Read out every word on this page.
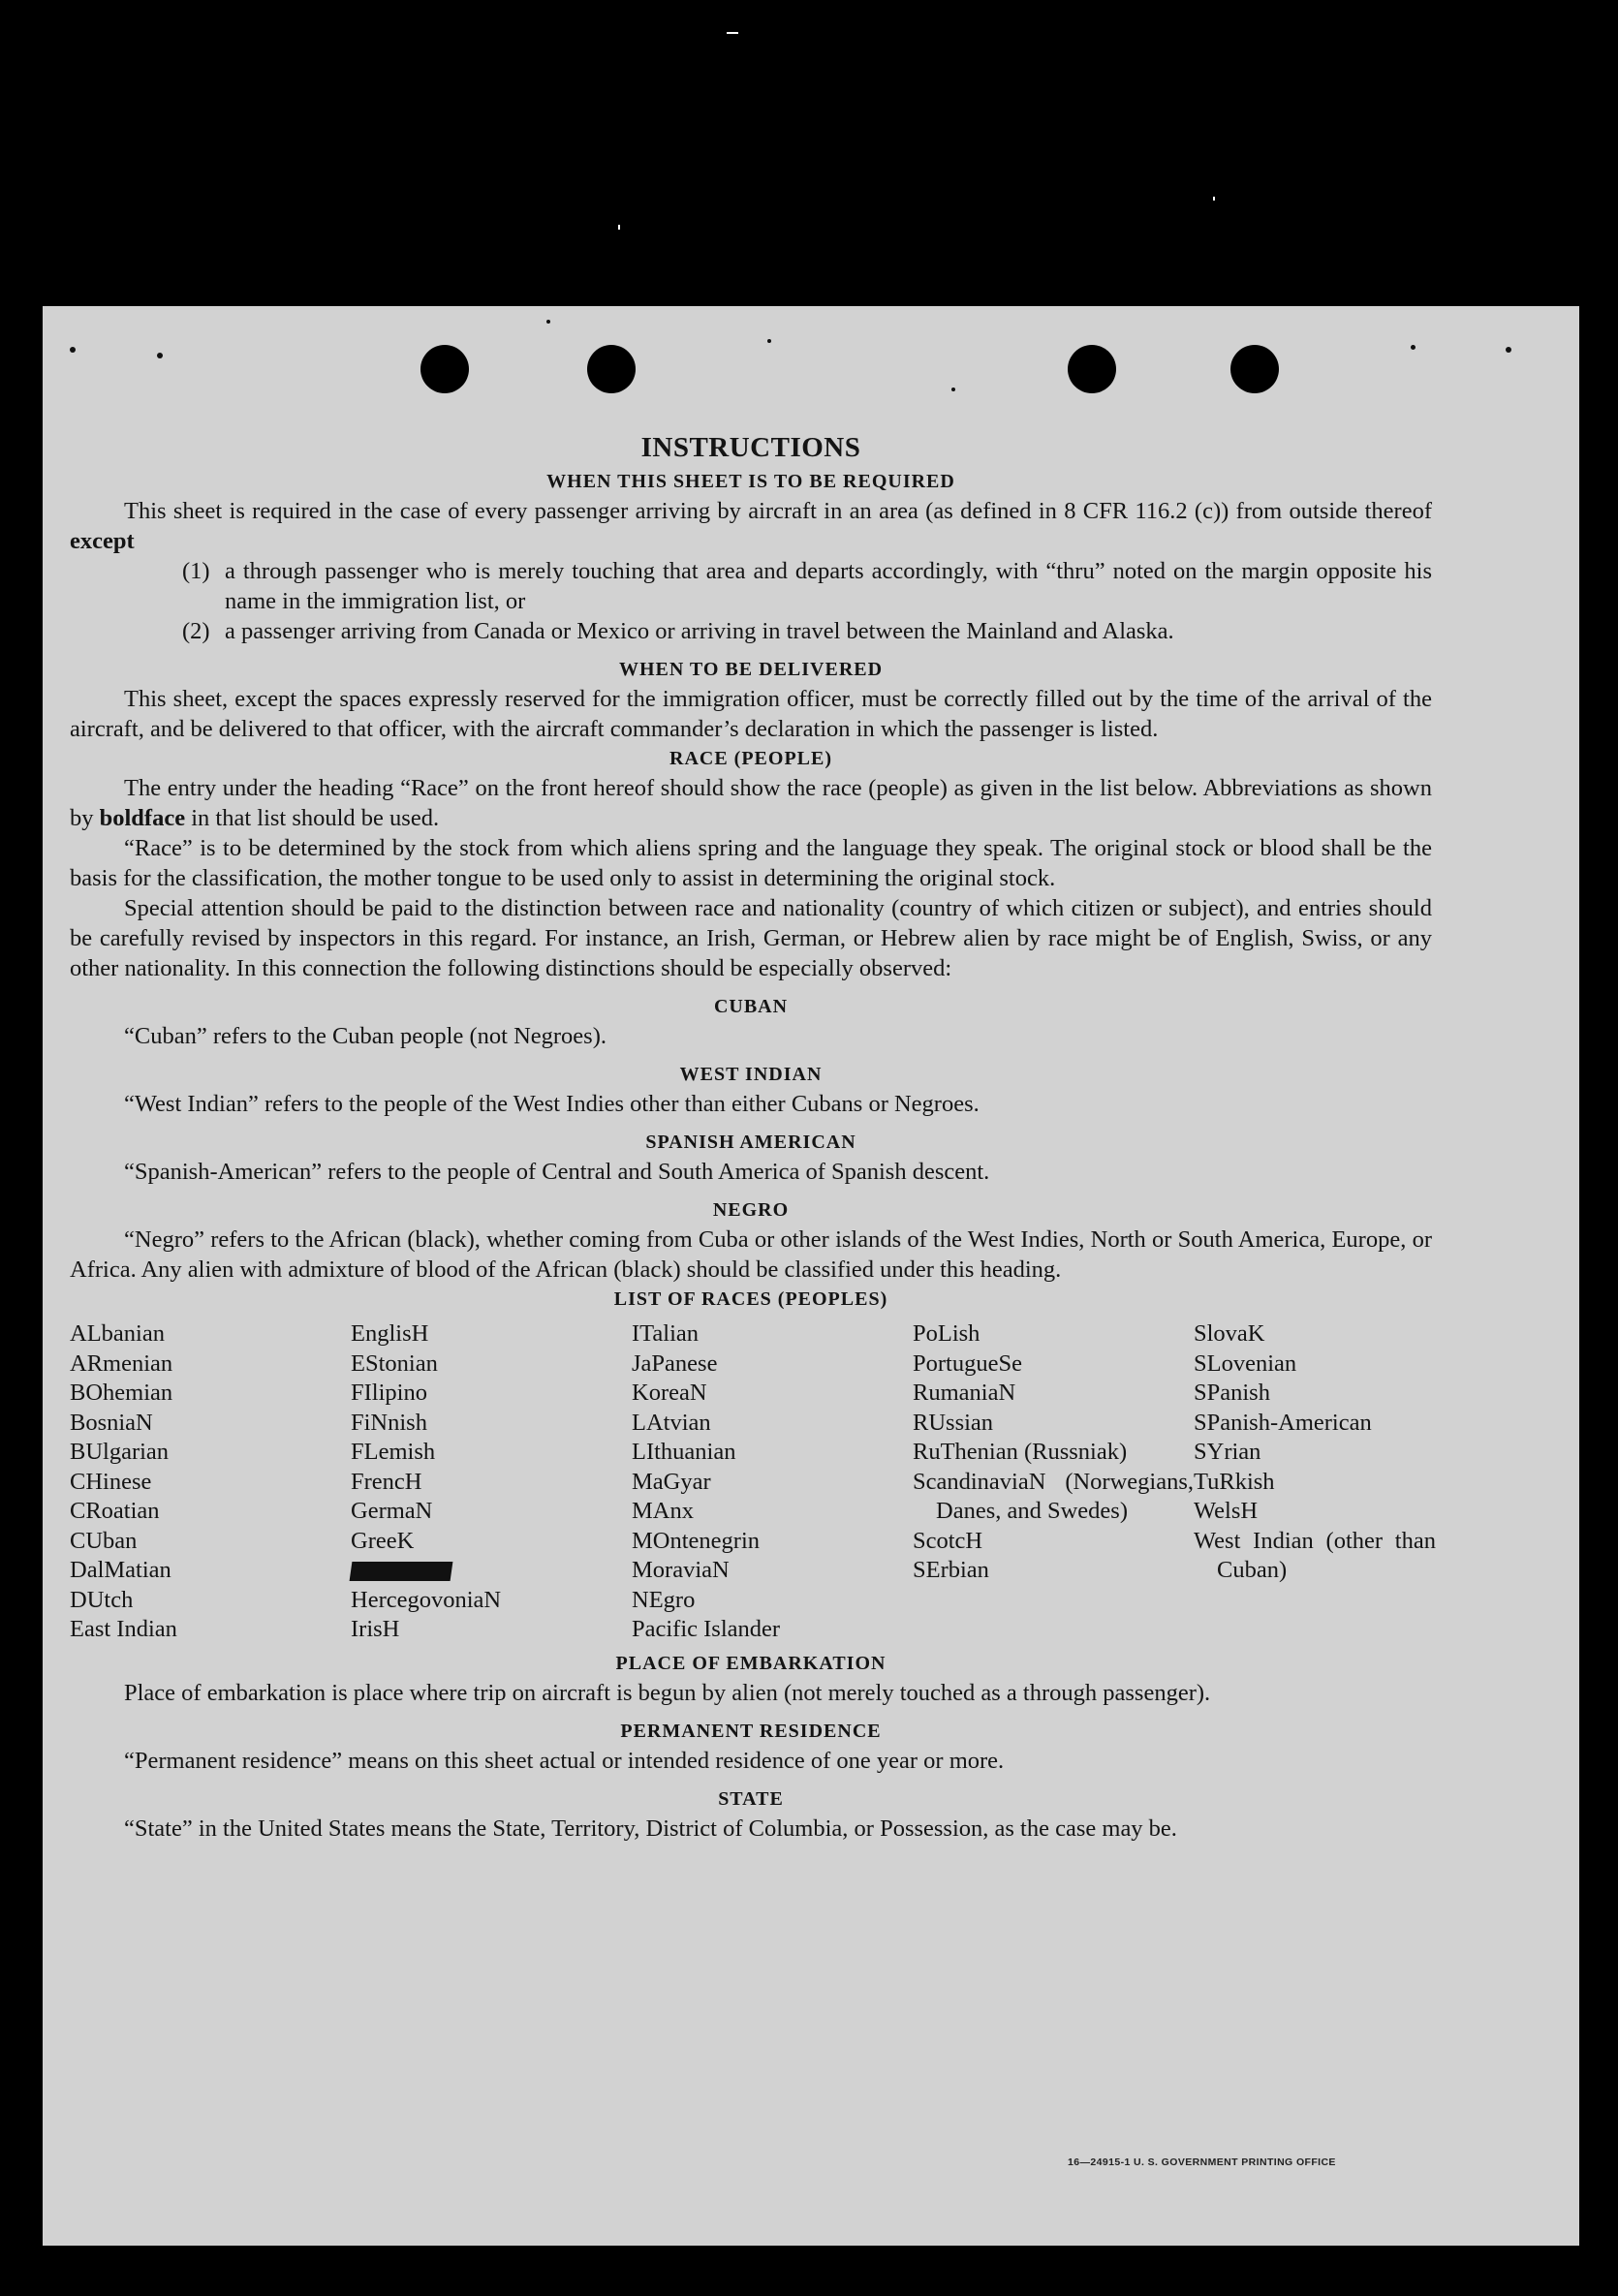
INSTRUCTIONS
WHEN THIS SHEET IS TO BE REQUIRED

This sheet is required in the case of every passenger arriving by aircraft in an area (as defined in 8 CFR 116.2 (c)) from outside thereof except

(1) a through passenger who is merely touching that area and departs accordingly, with “thru” noted on the margin opposite his name in the immigration list, or
(2) a passenger arriving from Canada or Mexico or arriving in travel between the Mainland and Alaska.
WHEN TO BE DELIVERED

This sheet, except the spaces expressly reserved for the immigration officer, must be correctly filled out by the time of the arrival of the aircraft, and be delivered to that officer, with the aircraft commander’s declaration in which the passenger is listed.

RACE (PEOPLE)

The entry under the heading “Race” on the front hereof should show the race (people) as given in the list below. Abbreviations as shown by boldface in that list should be used.

“Race” is to be determined by the stock from which aliens spring and the language they speak. The original stock or blood shall be the basis for the classification, the mother tongue to be used only to assist in determining the original stock.

Special attention should be paid to the distinction between race and nationality (country of which citizen or subject), and entries should be carefully revised by inspectors in this regard. For instance, an Irish, German, or Hebrew alien by race might be of English, Swiss, or any other nationality. In this connection the following distinctions should be especially observed:

CUBAN

“Cuban” refers to the Cuban people (not Negroes).

WEST INDIAN

“West Indian” refers to the people of the West Indies other than either Cubans or Negroes.

SPANISH AMERICAN

“Spanish-American” refers to the people of Central and South America of Spanish descent.

NEGRO

“Negro” refers to the African (black), whether coming from Cuba or other islands of the West Indies, North or South America, Europe, or Africa. Any alien with admixture of blood of the African (black) should be classified under this heading.

LIST OF RACES (PEOPLES)
ALbanian
ARmenian
BOhemian
BosniaN
BUlgarian
CHinese
CRoatian
CUban
DalMatian
DUtch
East Indian
EnglisH
EStonian
FIlipino
FiNnish
FLemish
FrencH
GermaN
GreeK
HercegovoniaN
IrisH
ITalian
JaPanese
KoreaN
LAtvian
LIthuanian
MaGyar
MAnx
MOntenegrin
MoraviaN
NEgro
Pacific Islander
PoLish
PortugueSe
RumaniaN
RUssian
RuThenian (Russniak)
ScandinaviaN (Norwegians, Danes, and Swedes)
ScotcH
SErbian
SlovaK
SLovenian
SPanish
SPanish-American
SYrian
TuRkish
WelsH
West Indian (other than Cuban)
PLACE OF EMBARKATION

Place of embarkation is place where trip on aircraft is begun by alien (not merely touched as a through passenger).

PERMANENT RESIDENCE

“Permanent residence” means on this sheet actual or intended residence of one year or more.

STATE

“State” in the United States means the State, Territory, District of Columbia, or Possession, as the case may be.

16—24915-1 U. S. GOVERNMENT PRINTING OFFICE
